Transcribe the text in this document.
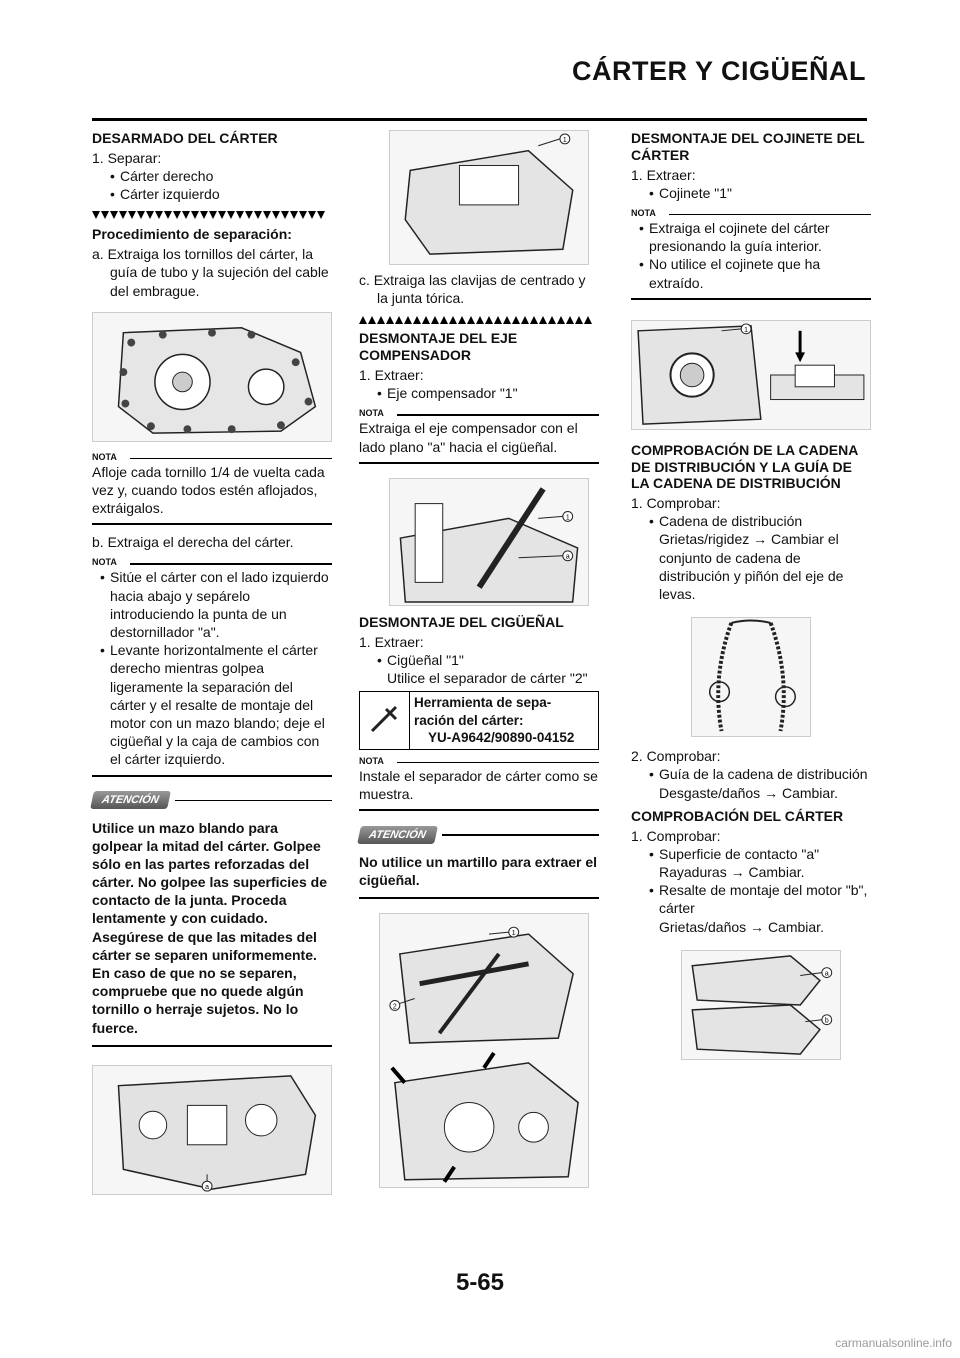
CÁRTER Y CIGÜEÑAL
DESARMADO DEL CÁRTER

1. Separar:

• Cárter derecho

• Cárter izquierdo

Procedimiento de separación:

a. Extraiga los tornillos del cárter, la guía de tubo y la sujeción del cable del embrague.

NOTA

Afloje cada tornillo 1/4 de vuelta cada vez y, cuando todos estén aflojados, extráigalos.

b. Extraiga el derecha del cárter.

NOTA

• Sitúe el cárter con el lado izquierdo hacia abajo y sepárelo introduciendo la punta de un destornillador "a".

• Levante horizontalmente el cárter derecho mientras golpea ligeramente la separación del cárter y el resalte de montaje del motor con un mazo blando; deje el cigüeñal y la caja de cambios con el cárter izquierdo.

ATENCIÓN

Utilice un mazo blando para golpear la mitad del cárter. Golpee sólo en las partes reforzadas del cárter. No golpee las superficies de contacto de la junta. Proceda lentamente y con cuidado. Asegúrese de que las mitades del cárter se separen uniformemente. En caso de que no se separen, compruebe que no quede algún tornillo o herraje sujetos. No lo fuerce.

a
1

c. Extraiga las clavijas de centrado y la junta tórica.

DESMONTAJE DEL EJE COMPENSADOR

1. Extraer:

• Eje compensador "1"

NOTA

Extraiga el eje compensador con el lado plano "a" hacia el cigüeñal.

1
a
DESMONTAJE DEL CIGÜEÑAL

1. Extraer:

• Cigüeñal "1"

Utilice el separador de cárter "2"

Herramienta de sepa-
ración del cárter:
YU-A9642/90890-04152
NOTA

Instale el separador de cárter como se muestra.

ATENCIÓN

No utilice un martillo para extraer el cigüeñal.

1
2
DESMONTAJE DEL COJINETE DEL CÁRTER

1. Extraer:

• Cojinete "1"

NOTA

• Extraiga el cojinete del cárter presionando la guía interior.

• No utilice el cojinete que ha extraído.

1
COMPROBACIÓN DE LA CADENA DE DISTRIBUCIÓN Y LA GUÍA DE LA CADENA DE DISTRIBUCIÓN

1. Comprobar:

• Cadena de distribución

Grietas/rigidez → Cambiar el conjunto de cadena de distribución y piñón del eje de levas.

2. Comprobar:

• Guía de la cadena de distribución

Desgaste/daños → Cambiar.

COMPROBACIÓN DEL CÁRTER

1. Comprobar:

• Superficie de contacto "a"

Rayaduras → Cambiar.

• Resalte de montaje del motor "b", cárter

Grietas/daños → Cambiar.

a
b
5-65
carmanualsonline.info
